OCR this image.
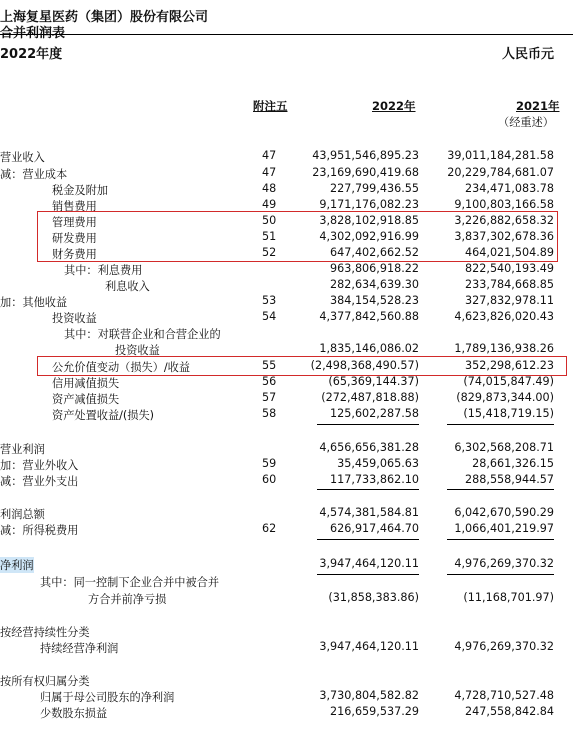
上海复星医药（集团）股份有限公司
合并利润表
2022年度	人民币元
附注五	2022年	2021年
（经重述）
营业收入	47	43,951,546,895.23	39,011,184,281.58
减：营业成本	47	23,169,690,419.68	20,229,784,681.07
税金及附加	48	227,799,436.55	234,471,083.78
销售费用	49	9,171,176,082.23	9,100,803,166.58
管理费用	50	3,828,102,918.85	3,226,882,658.32
研发费用	51	4,302,092,916.99	3,837,302,678.36
财务费用	52	647,402,662.52	464,021,504.89
其中：利息费用	963,806,918.22	822,540,193.49
利息收入	282,634,639.30	233,784,668.85
加：其他收益	53	384,154,528.23	327,832,978.11
投资收益	54	4,377,842,560.88	4,623,826,020.43
其中：对联营企业和合营企业的
投资收益	1,835,146,086.02	1,789,136,938.26
公允价值变动（损失）/收益	55	(2,498,368,490.57)	352,298,612.23
信用减值损失	56	(65,369,144.37)	(74,015,847.49)
资产减值损失	57	(272,487,818.88)	(829,873,344.00)
资产处置收益/(损失)	58	125,602,287.58	(15,418,719.15)
营业利润	4,656,656,381.28	6,302,568,208.71
加：营业外收入	59	35,459,065.63	28,661,326.15
减：营业外支出	60	117,733,862.10	288,558,944.57
利润总额	4,574,381,584.81	6,042,670,590.29
减：所得税费用	62	626,917,464.70	1,066,401,219.97
净利润	3,947,464,120.11	4,976,269,370.32
其中：同一控制下企业合并中被合并
方合并前净亏损	(31,858,383.86)	(11,168,701.97)
按经营持续性分类
持续经营净利润	3,947,464,120.11	4,976,269,370.32
按所有权归属分类
归属于母公司股东的净利润	3,730,804,582.82	4,728,710,527.48
少数股东损益	216,659,537.29	247,558,842.84
